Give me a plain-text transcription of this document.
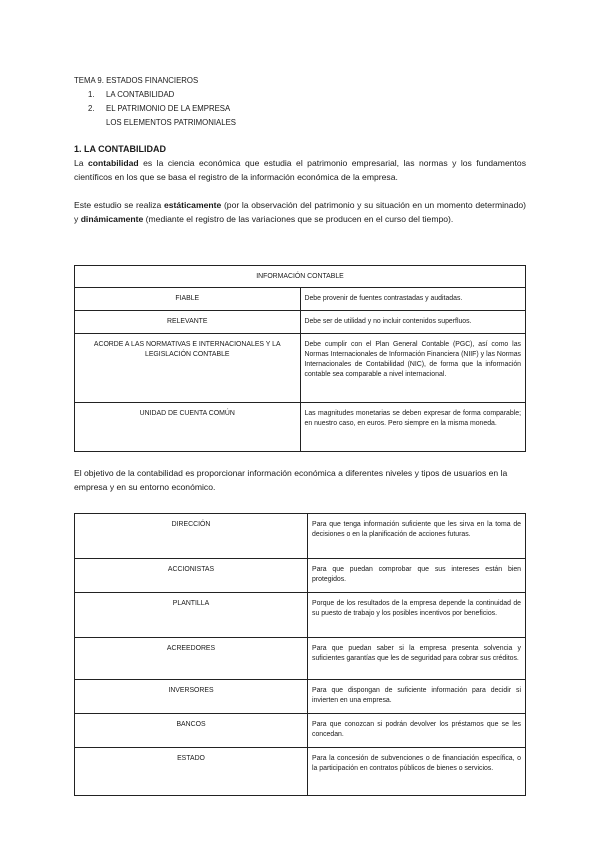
TEMA 9. ESTADOS FINANCIEROS
1. LA CONTABILIDAD
2. EL PATRIMONIO DE LA EMPRESA
LOS ELEMENTOS PATRIMONIALES
1. LA CONTABILIDAD
La contabilidad es la ciencia económica que estudia el patrimonio empresarial, las normas y los fundamentos científicos en los que se basa el registro de la información económica de la empresa.
Este estudio se realiza estáticamente (por la observación del patrimonio y su situación en un momento determinado) y dinámicamente (mediante el registro de las variaciones que se producen en el curso del tiempo).
INFORMACIÓN CONTABLE	
FIABLE	Debe provenir de fuentes contrastadas y auditadas.
RELEVANTE	Debe ser de utilidad y no incluir contenidos superfluos.
ACORDE A LAS NORMATIVAS E INTERNACIONALES Y LA LEGISLACIÓN CONTABLE	Debe cumplir con el Plan General Contable (PGC), así como las Normas Internacionales de Información Financiera (NIIF) y las Normas Internacionales de Contabilidad (NIC), de forma que la información contable sea comparable a nivel internacional.
UNIDAD DE CUENTA COMÚN	Las magnitudes monetarias se deben expresar de forma comparable; en nuestro caso, en euros. Pero siempre en la misma moneda.
El objetivo de la contabilidad es proporcionar información económica a diferentes niveles y tipos de usuarios en la empresa y en su entorno económico.
DIRECCIÓN	Para que tenga información suficiente que les sirva en la toma de decisiones o en la planificación de acciones futuras.
ACCIONISTAS	Para que puedan comprobar que sus intereses están bien protegidos.
PLANTILLA	Porque de los resultados de la empresa depende la continuidad de su puesto de trabajo y los posibles incentivos por beneficios.
ACREEDORES	Para que puedan saber si la empresa presenta solvencia y suficientes garantías que les de seguridad para cobrar sus créditos.
INVERSORES	Para que dispongan de suficiente información para decidir si invierten en una empresa.
BANCOS	Para que conozcan si podrán devolver los préstamos que se les concedan.
ESTADO	Para la concesión de subvenciones o de financiación específica, o la participación en contratos públicos de bienes o servicios.
